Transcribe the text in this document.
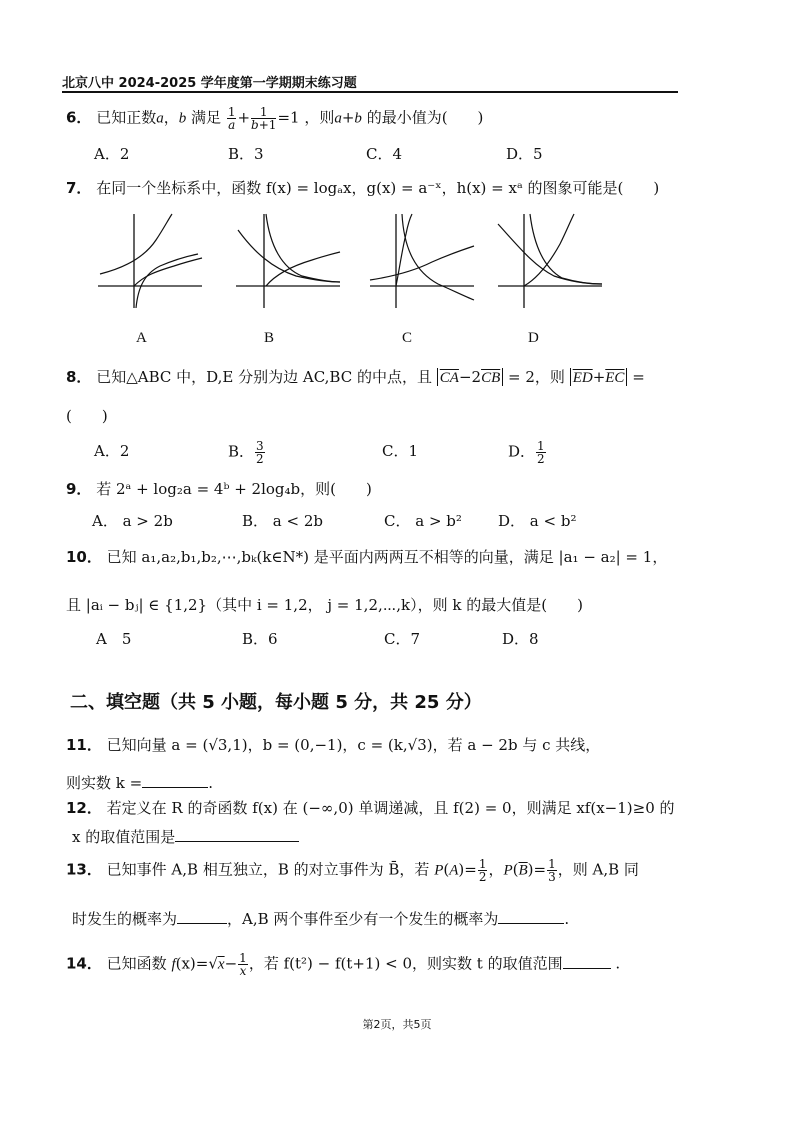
北京八中 2024-2025 学年度第一学期期末练习题
6． 已知正数a，b 满足 $\frac{1}{a} + \frac{1}{b+1} =1$ ，则a+b 的最小值为(　　)
A．2	B．3	C．4	D．5
7． 在同一个坐标系中，函数 f(x) = logₐx，g(x) = a⁻ˣ，h(x) = xᵃ 的图象可能是(　　)
A	B	C	D
8． 已知△ABC 中，D,E 分别为边 AC,BC 的中点，且 $\overline{CA}-2\overline{CB} = 2$，则 $\overline{ED}+\overline{EC}$ =
(　　)
A．2	B． $\frac{3}{2}$	C．1	D． $\frac{1}{2}$
9． 若 2ᵃ + log₂a = 4ᵇ + 2log₄b，则(　　)
A． a > 2b	B． a < 2b	C． a > b² D． a < b²
10． 已知 a₁,a₂,b₁,b₂,⋯,bₖ(k∈N*) 是平面内两两互不相等的向量，满足 |a₁ − a₂| = 1，
且 |aᵢ − bⱼ| ∈ {1,2}（其中 i = 1,2， j = 1,2,⋯,k），则 k 的最大值是(　　)
A　5	B．6	C．7	D．8
二、填空题（共 5 小题，每小题 5 分，共 25 分）
11． 已知向量 a = (√3,1)，b = (0,−1)，c = (k,√3)，若 a − 2b 与 c 共线，
则实数 k =	.
12． 若定义在 R 的奇函数 f(x) 在 (−∞,0) 单调递减，且 f(2) = 0，则满足 xf(x−1)≥0 的
x 的取值范围是
13． 已知事件 A,B 相互独立，B 的对立事件为 B̄，若 $P(A)= \frac{1}{2}$ ，$P(\overline{B})= \frac{1}{3}$ ，则 A,B 同
时发生的概率为	，A,B 两个事件至少有一个发生的概率为	.
14． 已知函数 $f(x)=√x- \frac{1}{x}$ ，若 f(t²) − f(t+1) < 0，则实数 t 的取值范围	.
第2页，共5页
